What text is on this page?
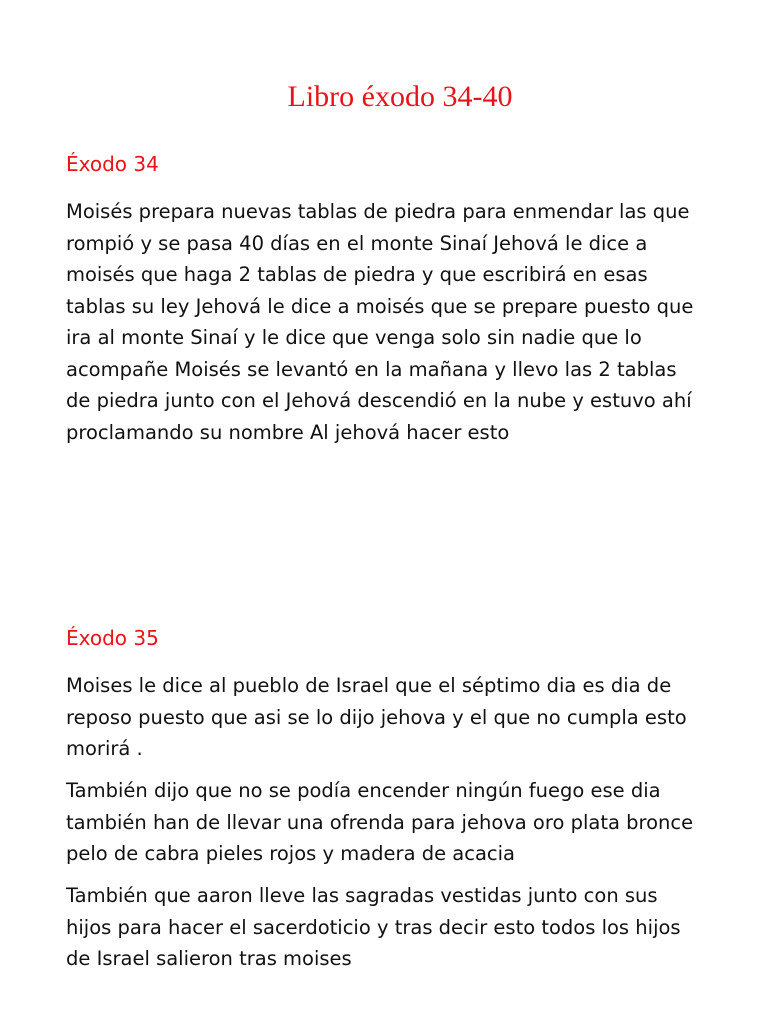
Libro éxodo 34-40
Éxodo 34

Moisés prepara nuevas tablas de piedra para enmendar las que rompió y se pasa 40 días en el monte Sinaí Jehová le dice a moisés que haga 2 tablas de piedra y que escribirá en esas tablas su ley Jehová le dice a moisés que se prepare puesto que ira al monte Sinaí y le dice que venga solo sin nadie que lo acompañe Moisés se levantó en la mañana y llevo las 2 tablas de piedra junto con el Jehová descendió en la nube y estuvo ahí proclamando su nombre Al jehová hacer esto

Éxodo 35

Moises le dice al pueblo de Israel que el séptimo dia es dia de reposo puesto que asi se lo dijo jehova y el que no cumpla esto morirá .

También dijo que no se podía encender ningún fuego ese dia también han de llevar una ofrenda para jehova oro plata bronce pelo de cabra pieles rojos y madera de acacia

También que aaron lleve las sagradas vestidas junto con sus hijos para hacer el sacerdoticio y tras decir esto todos los hijos de Israel salieron tras moises
